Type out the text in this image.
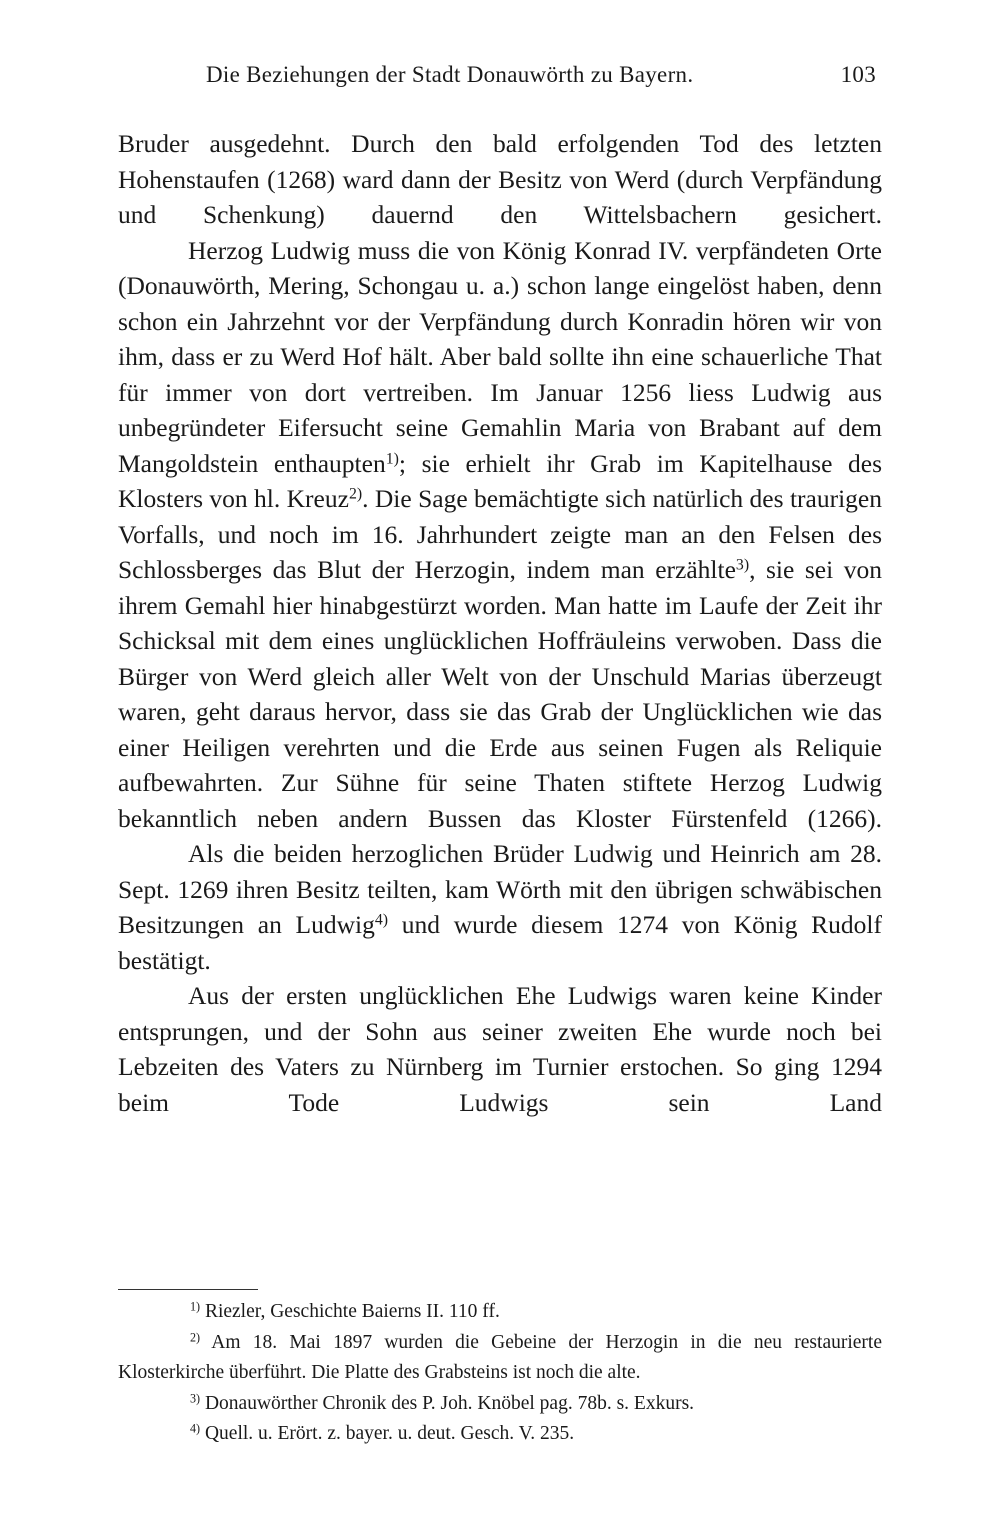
Die Beziehungen der Stadt Donauwörth zu Bayern.	103

Bruder ausgedehnt. Durch den bald erfolgenden Tod des letzten Hohenstaufen (1268) ward dann der Besitz von Werd (durch Verpfändung und Schenkung) dauernd den Wittelsbachern gesichert.

Herzog Ludwig muss die von König Konrad IV. verpfändeten Orte (Donauwörth, Mering, Schongau u. a.) schon lange eingelöst haben, denn schon ein Jahrzehnt vor der Verpfändung durch Konradin hören wir von ihm, dass er zu Werd Hof hält. Aber bald sollte ihn eine schauerliche That für immer von dort vertreiben. Im Januar 1256 liess Ludwig aus unbegründeter Eifersucht seine Gemahlin Maria von Brabant auf dem Mangoldstein enthaupten$^{1)}$; sie erhielt ihr Grab im Kapitelhause des Klosters von hl. Kreuz$^{2)}$. Die Sage bemächtigte sich natürlich des traurigen Vorfalls, und noch im 16. Jahrhundert zeigte man an den Felsen des Schlossberges das Blut der Herzogin, indem man erzählte$^{3)}$, sie sei von ihrem Gemahl hier hinabgestürzt worden. Man hatte im Laufe der Zeit ihr Schicksal mit dem eines unglücklichen Hoffräuleins verwoben. Dass die Bürger von Werd gleich aller Welt von der Unschuld Marias überzeugt waren, geht daraus hervor, dass sie das Grab der Unglücklichen wie das einer Heiligen verehrten und die Erde aus seinen Fugen als Reliquie aufbewahrten. Zur Sühne für seine Thaten stiftete Herzog Ludwig bekanntlich neben andern Bussen das Kloster Fürstenfeld (1266).

Als die beiden herzoglichen Brüder Ludwig und Heinrich am 28. Sept. 1269 ihren Besitz teilten, kam Wörth mit den übrigen schwäbischen Besitzungen an Ludwig$^{4)}$ und wurde diesem 1274 von König Rudolf bestätigt.

Aus der ersten unglücklichen Ehe Ludwigs waren keine Kinder entsprungen, und der Sohn aus seiner zweiten Ehe wurde noch bei Lebzeiten des Vaters zu Nürnberg im Turnier erstochen. So ging 1294 beim Tode Ludwigs sein Land

$^{1)}$ Riezler, Geschichte Baierns II. 110 ff.

$^{2)}$ Am 18. Mai 1897 wurden die Gebeine der Herzogin in die neu restaurierte Klosterkirche überführt. Die Platte des Grabsteins ist noch die alte.

$^{3)}$ Donauwörther Chronik des P. Joh. Knöbel pag. 78b. s. Exkurs.

$^{4)}$ Quell. u. Erört. z. bayer. u. deut. Gesch. V. 235.
